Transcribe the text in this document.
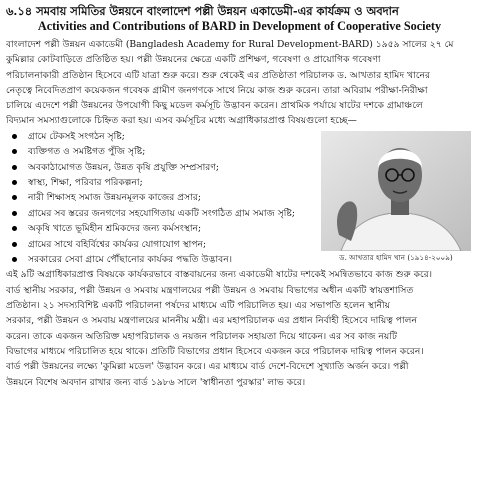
৬.১৪ সমবায় সমিতির উন্নয়নে বাংলাদেশ পল্লী উন্নয়ন একাডেমী-এর কার্যক্রম ও অবদান
Activities and Contributions of BARD in Development of Cooperative Society

বাংলাদেশ পল্লী উন্নয়ন একাডেমী (Bangladesh Academy for Rural Development-BARD) ১৯৫৯ সালের ২৭ মে
কুমিল্লার কোটবাড়িতে প্রতিষ্ঠিত হয়। পল্লী উন্নয়নের ক্ষেত্রে একটি প্রশিক্ষণ, গবেষণা ও প্রায়োগিক গবেষণা
পরিচালনাকারী প্রতিষ্ঠান হিসেবে এটি যাত্রা শুরু করে। শুরু থেকেই এর প্রতিষ্ঠাতা পরিচালক ড. আখতার হামিদ খানের
নেতৃত্বে নিবেদিতপ্রাণ কয়েকজন গবেষক গ্রামীণ জনগণকে সাথে নিয়ে কাজ শুরু করেন। তারা অবিরাম পরীক্ষা-নিরীক্ষা
চালিয়ে এদেশে পল্লী উন্নয়নের উপযোগী কিছু মডেল কর্মসূচি উদ্ভাবন করেন। প্রাথমিক পর্যায়ে ষাটের দশকে গ্রামাঞ্চলে
বিদ্যমান সমস্যাগুলোকে চিহ্নিত করা হয়। এসব কর্মসূচির মধ্যে অগ্রাধিকারপ্রাপ্ত বিষয়গুলো হচ্ছে—

গ্রামে টেকসই সংগঠন সৃষ্টি;
ব্যক্তিগত ও সমষ্টিগত পুঁজি সৃষ্টি;
অবকাঠামোগত উন্নয়ন, উন্নত কৃষি প্রযুক্তি সম্প্রসারণ;
স্বাস্থ্য, শিক্ষা, পরিবার পরিকল্পনা;
নারী শিক্ষাসহ সমাজ উন্নয়নমূলক কাজের প্রসার;
গ্রামের সব স্তরের জনগণের সহযোগিতায় একটি সংগঠিত গ্রাম সমাজ সৃষ্টি;
অকৃষি খাতে ভূমিহীন শ্রমিকদের জন্য কর্মসংস্থান;
গ্রামের সাথে বহির্বিশ্বের কার্যকর যোগাযোগ স্থাপন;
সরকারের সেবা গ্রামে পৌঁছানোর কার্যকর পদ্ধতি উদ্ভাবন।	ড. আখতার হামিদ খান (১৯১৪-২০০৯)

এই ৯টি অগ্রাধিকারপ্রাপ্ত বিষয়কে কার্যকরভাবে বাস্তবায়নের জন্য একাডেমী ষাটের দশকেই সমন্বিতভাবে কাজ শুরু করে।
বার্ড স্থানীয় সরকার, পল্লী উন্নয়ন ও সমবায় মন্ত্রণালয়ের পল্লী উন্নয়ন ও সমবায় বিভাগের অধীন একটি স্বায়ত্তশাসিত
প্রতিষ্ঠান। ২১ সদস্যবিশিষ্ট একটি পরিচালনা পর্ষদের মাধ্যমে এটি পরিচালিত হয়। এর সভাপতি হলেন স্থানীয়
সরকার, পল্লী উন্নয়ন ও সমবায় মন্ত্রণালয়ের মাননীয় মন্ত্রী। এর মহাপরিচালক এর প্রধান নির্বাহী হিসেবে দায়িত্ব পালন
করেন। তাকে একজন অতিরিক্ত মহাপরিচালক ও নয়জন পরিচালক সহায়তা দিয়ে থাকেন। এর সব কাজ নয়টি
বিভাগের মাধ্যমে পরিচালিত হয়ে থাকে। প্রতিটি বিভাগের প্রধান হিসেবে একজন করে পরিচালক দায়িত্ব পালন করেন।
বার্ড পল্লী উন্নয়নের লক্ষ্যে 'কুমিল্লা মডেল' উদ্ভাবন করে। এর মাধ্যমে বার্ড দেশে-বিদেশে সুখ্যাতি অর্জন করে। পল্লী
উন্নয়নে বিশেষ অবদান রাখার জন্য বার্ড ১৯৮৬ সালে 'স্বাধীনতা পুরস্কার' লাভ করে।
